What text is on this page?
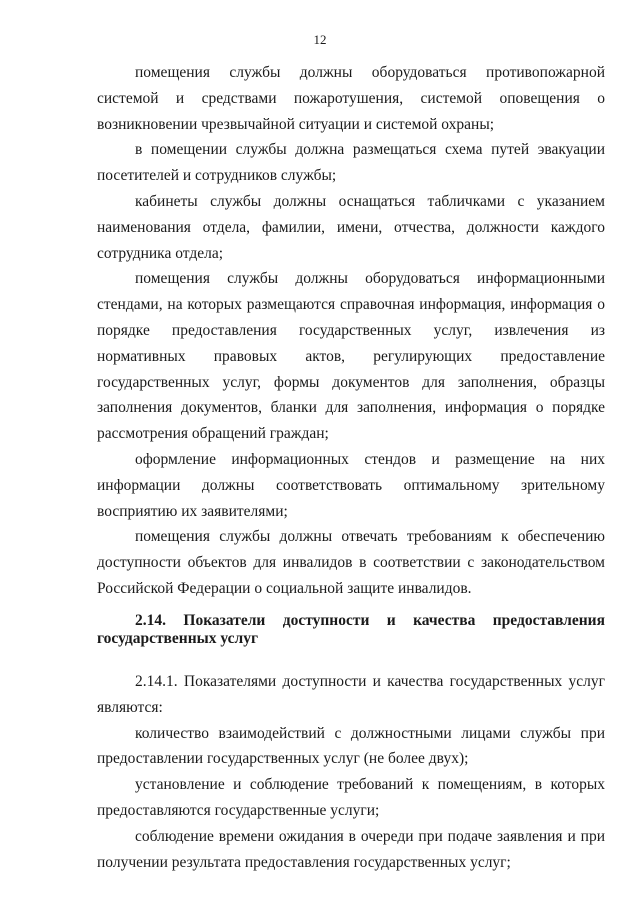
12

помещения службы должны оборудоваться противопожарной системой и средствами пожаротушения, системой оповещения о возникновении чрезвычайной ситуации и системой охраны;

в помещении службы должна размещаться схема путей эвакуации посетителей и сотрудников службы;

кабинеты службы должны оснащаться табличками с указанием наименования отдела, фамилии, имени, отчества, должности каждого сотрудника отдела;

помещения службы должны оборудоваться информационными стендами, на которых размещаются справочная информация, информация о порядке предоставления государственных услуг, извлечения из нормативных правовых актов, регулирующих предоставление государственных услуг, формы документов для заполнения, образцы заполнения документов, бланки для заполнения, информация о порядке рассмотрения обращений граждан;

оформление информационных стендов и размещение на них информации должны соответствовать оптимальному зрительному восприятию их заявителями;

помещения службы должны отвечать требованиям к обеспечению доступности объектов для инвалидов в соответствии с законодательством Российской Федерации о социальной защите инвалидов.

2.14. Показатели доступности и качества предоставления государственных услуг

2.14.1. Показателями доступности и качества государственных услуг являются:

количество взаимодействий с должностными лицами службы при предоставлении государственных услуг (не более двух);

установление и соблюдение требований к помещениям, в которых предоставляются государственные услуги;

соблюдение времени ожидания в очереди при подаче заявления и при получении результата предоставления государственных услуг;
